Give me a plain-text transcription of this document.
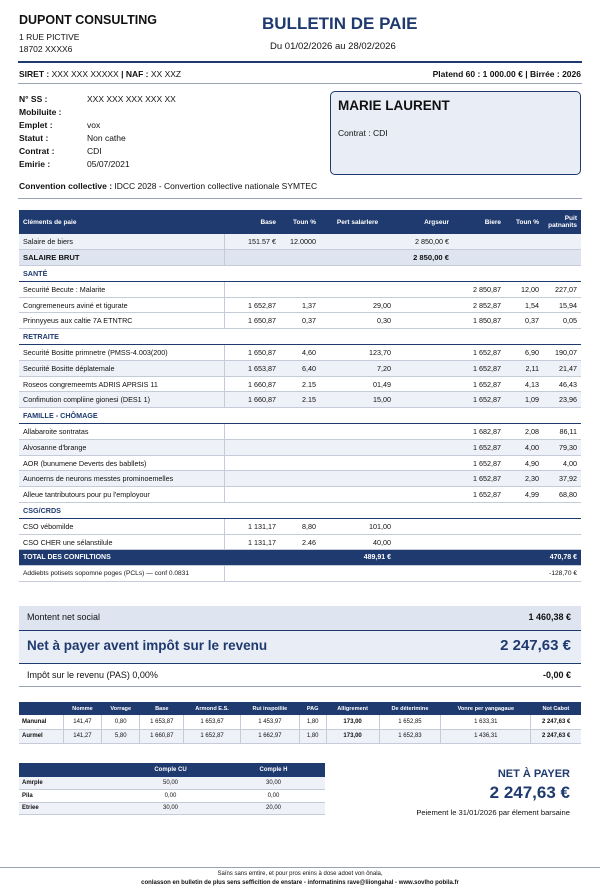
DUPONT CONSULTING
1 RUE PICTIVE
18702 XXXX6
BULLETIN DE PAIE
Du 01/02/2026 au 28/02/2026
SIRET : XXX XXX XXXXX | NAF : XX XXZ	Platend 60 : 1 000.00 € | Birrée : 2026
N° SS :	XXX XXX XXX XXX XX
Mobiluite :
Emplet :	vox
Statut :	Non cathe
Contrat :	CDI
Emirie :	05/07/2021
MARIE LAURENT
Contrat : CDI
Convention collective : IDCC 2028 - Convertion collective nationale SYMTEC
Cléments de paie	Base	Toun %	Pert salarlere	Argseur	Biere	Toun %	Puit patnanits
Salaire de biers	151.57 €	12.0000		2 850,00 €			
SALAIRE BRUT				2 850,00 €			
SANTÉ							
Securité Becute : Malarite					2 850,87	12,00	227,07
Congremeneurs aviné et tigurate	1 652,87	1,37	29,00		2 852,87	1,54	15,94
Prinnyyeus aux caltie 7A ETNTRC	1 650,87	0,37	0,30		1 850,87	0,37	0,05
RETRAITE							
Securité Bositte primnetre (PMSS-4.003(200)	1 650,87	4,60	123,70		1 652,87	6,90	190,07
Securité Bositte déplatemale	1 653,87	6,40	7,20		1 652,87	2,11	21,47
Roseos congremeemts ADRIS APRSIS 11	1 660,87	2.15	01,49		1 652,87	4,13	46,43
Confimution compliine gionesi (DES1 1)	1 660,87	2.15	15,00		1 652,87	1,09	23,96
FAMILLE - CHÔMAGE							
Allabaroite sontratas					1 682,87	2,08	86,11
Alvosanne d'brange					1 652,87	4,00	79,30
AOR (bunumene Deverts des babllets)					1 652,87	4,90	4,00
Aunoerns de neurons messtes prominoemelles					1 652,87	2,30	37,92
Alleue tantributours pour pu l'employour					1 652,87	4,99	68,80
CSG/CRDS							
CSO vébomilde	1 131,17	8,80	101,00				
CSO CHER une sélanstilule	1 131,17	2.46	40,00				
TOTAL DES CONFILTIONS			489,91 €				470,78 €
Addiebts potisets sopomne poges (PCLs) — conf 0.0831							-128,70 €
Montent net social	1 460,38 €
Net à payer avent impôt sur le revenu	2 247,63 €
Impôt sur le revenu (PAS) 0,00%	-0,00 €
	Nomme	Vorrage	Base	Armond E.S.	Rui inspoiliie	PAG	Alligrement	De déterimine	Vonre per yangagaue	Not Cabot
Manunal	141,47	0,80	1 653,87	1 653,67	1 453,97	1,80	173,00	1 652,85	1 633,31	2 247,63 €
Aurmel	141,27	5,80	1 660,87	1 652,87	1 662,97	1,80	173,00	1 652,83	1 436,31	2 247,63 €
	Comple CU	Comple H
Amrple	50,00	30,00
Pila	0,00	0,00
Etriee	30,00	20,00
NET À PAYER
2 247,63 €
Peiement le 31/01/2026 par élement barsaine
Saïns sans emtire, et pour pros enins à dose adoet von ônala,
conlasson en bulletin de plus sens sefficition de enstare - informatinins rave@liiongahal - www.sovlho pobila.fr
